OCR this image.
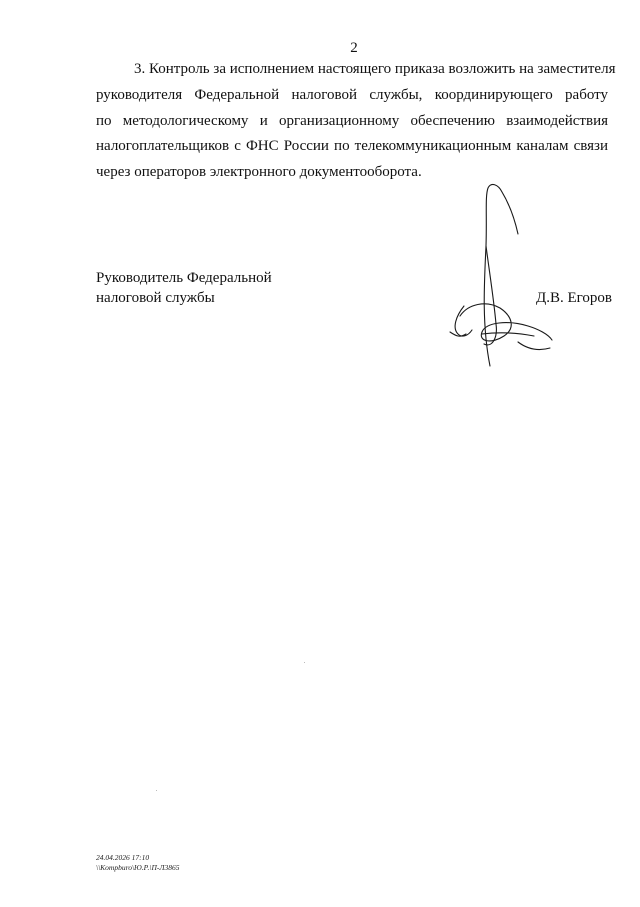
2
3. Контроль за исполнением настоящего приказа возложить на заместителя
руководителя Федеральной налоговой службы, координирующего работу
по методологическому и организационному обеспечению взаимодействия
налогоплательщиков с ФНС России по телекоммуникационным каналам связи
через операторов электронного документооборота.
Руководитель Федеральной
налоговой службы	Д.В. Егоров
24.04.2026 17:10
\\Kompburo\Ю.Р.\П-Л3865
